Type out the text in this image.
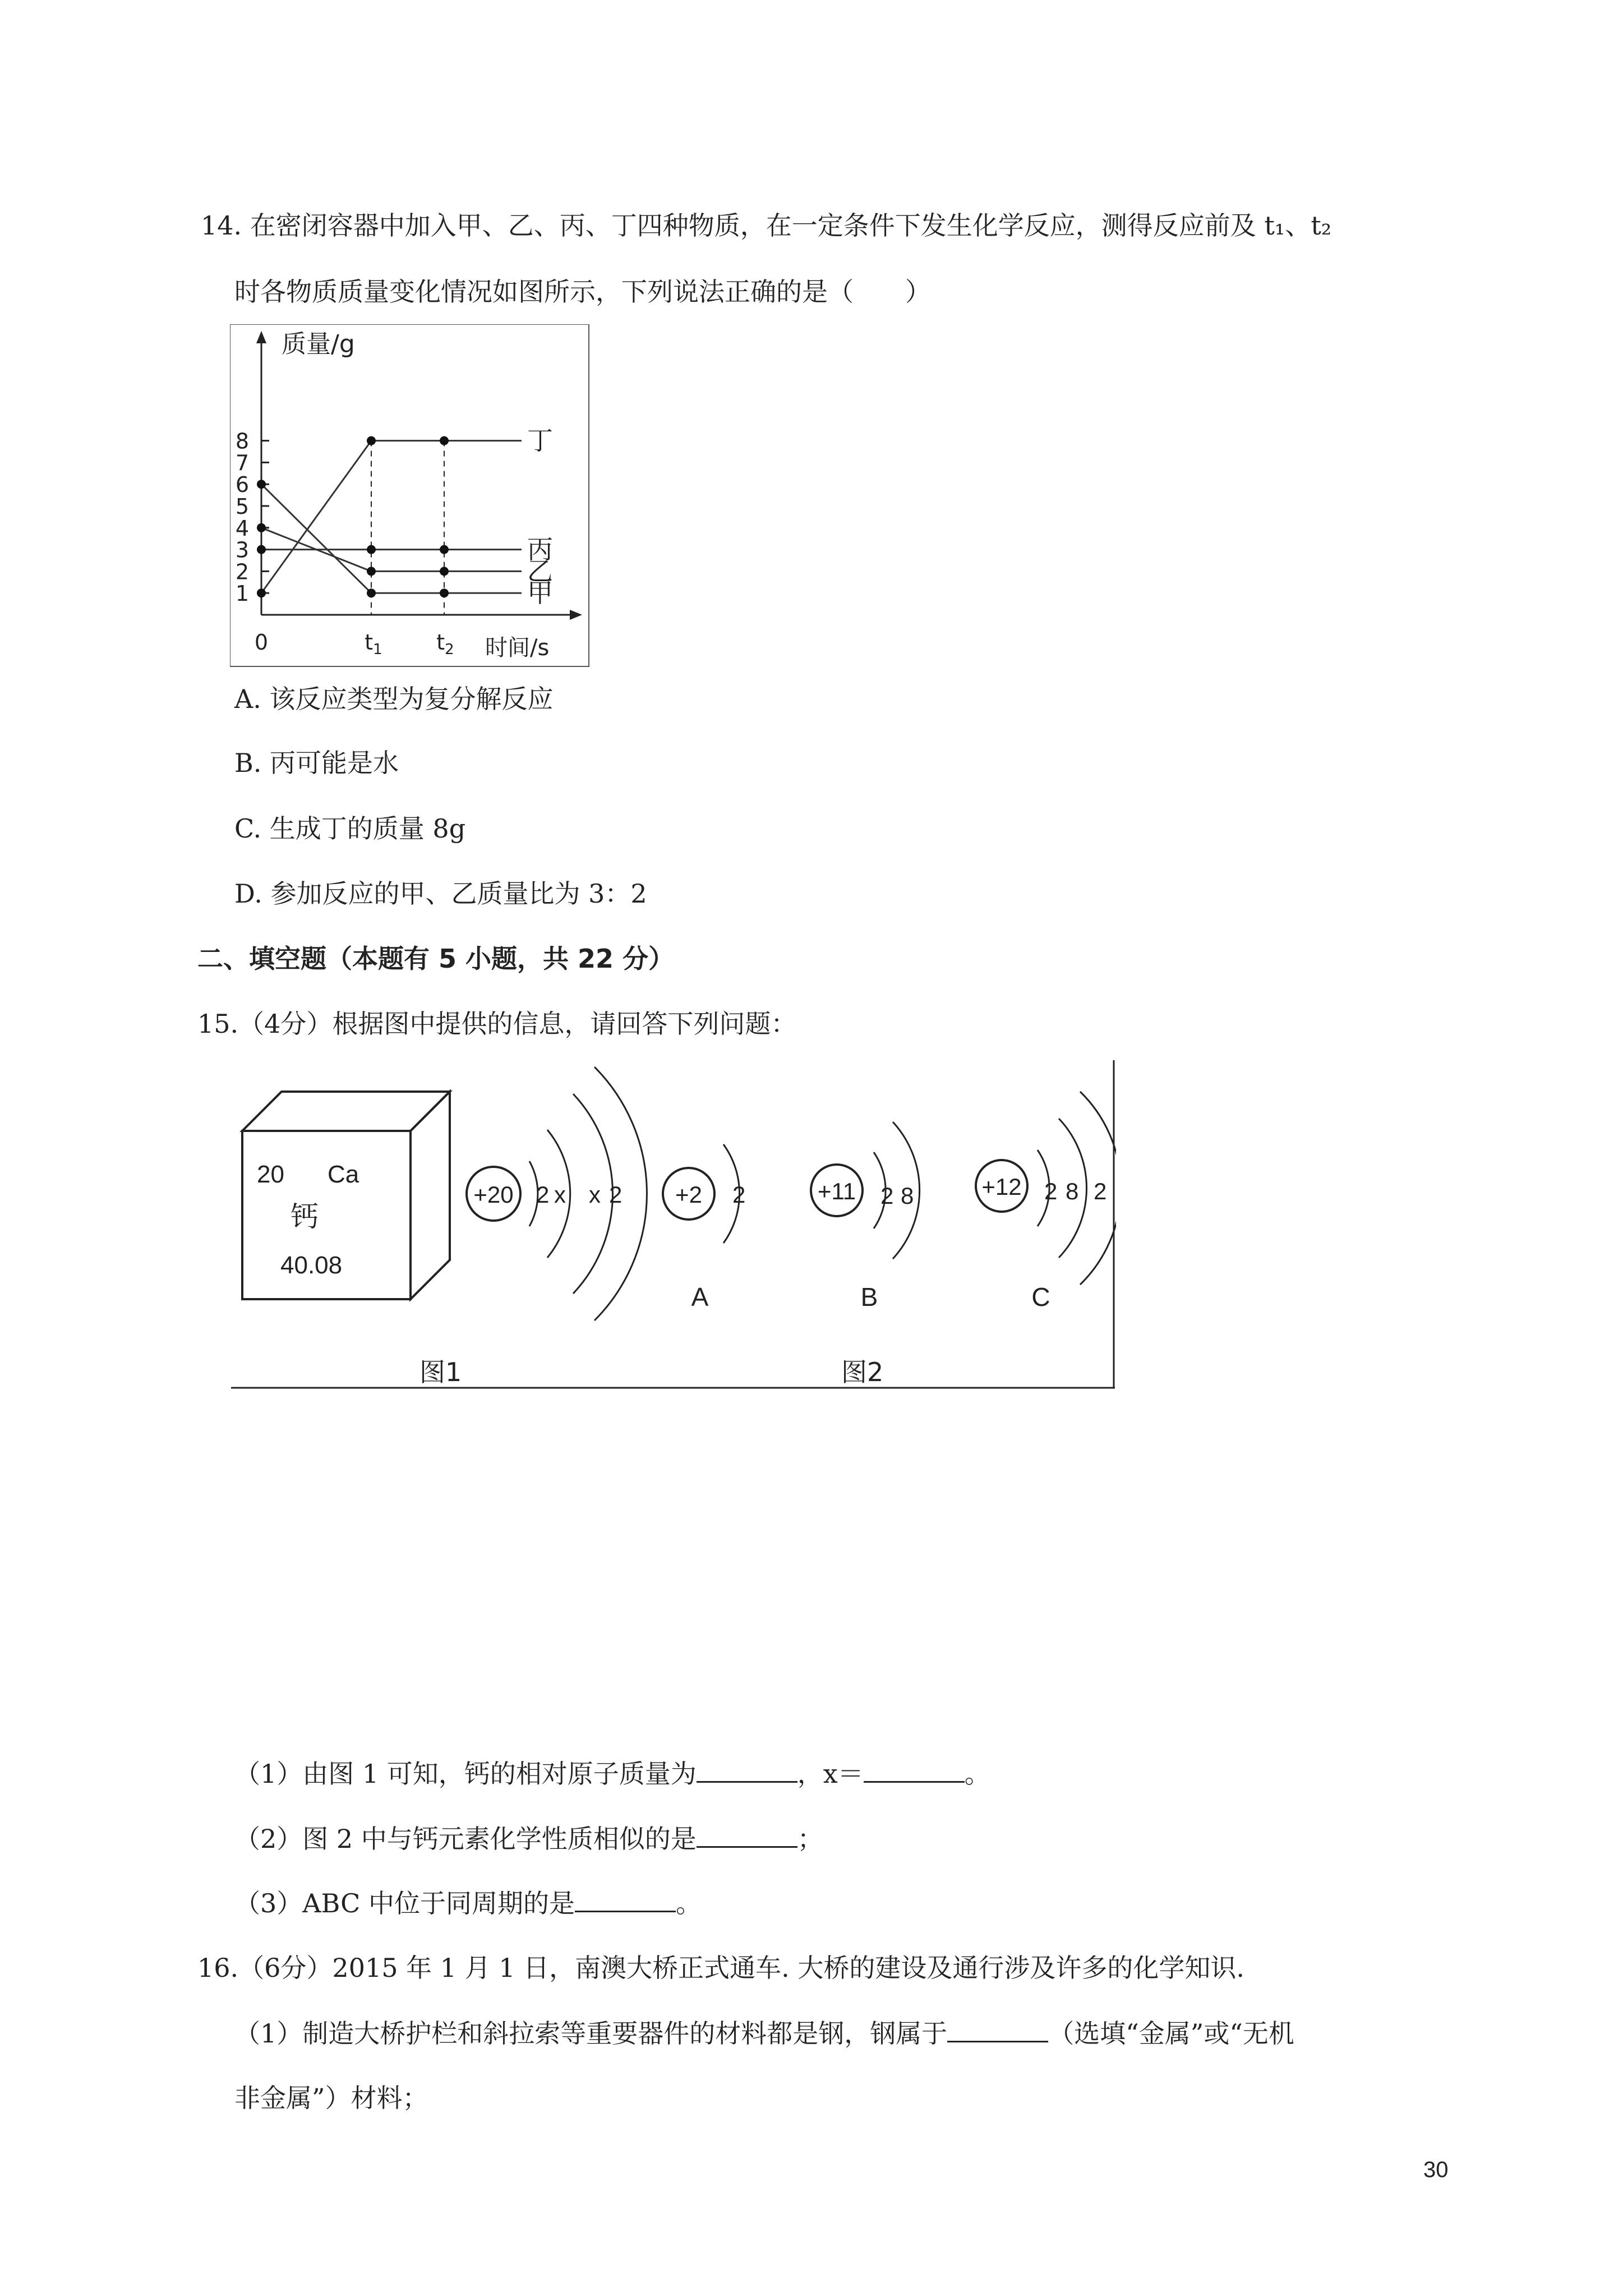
14. 在密闭容器中加入甲、乙、丙、丁四种物质，在一定条件下发生化学反应，测得反应前及 t₁、t₂
时各物质质量变化情况如图所示，下列说法正确的是（　　）
质量/g
时间/s
1
2
3
4
5
6
7
8
0	$t_1$	$t_2$
丁
丙
乙
甲
A. 该反应类型为复分解反应
B. 丙可能是水
C. 生成丁的质量 8g
D. 参加反应的甲、乙质量比为 3：2
二、填空题（本题有 5 小题，共 22 分）
15.（4分）根据图中提供的信息，请回答下列问题：
20 Ca
钙
40.08
图1	图2
+20 2 x x 2 +2 2
A
+11 2 8
B
+12 2 8 2
C
（1）由图 1 可知，钙的相对原子质量为	，x＝	。
（2）图 2 中与钙元素化学性质相似的是	；
（3）ABC 中位于同周期的是	。
16.（6分）2015 年 1 月 1 日，南澳大桥正式通车. 大桥的建设及通行涉及许多的化学知识.
（1）制造大桥护栏和斜拉索等重要器件的材料都是钢，钢属于	（选填“金属”或“无机
非金属”）材料；
30
